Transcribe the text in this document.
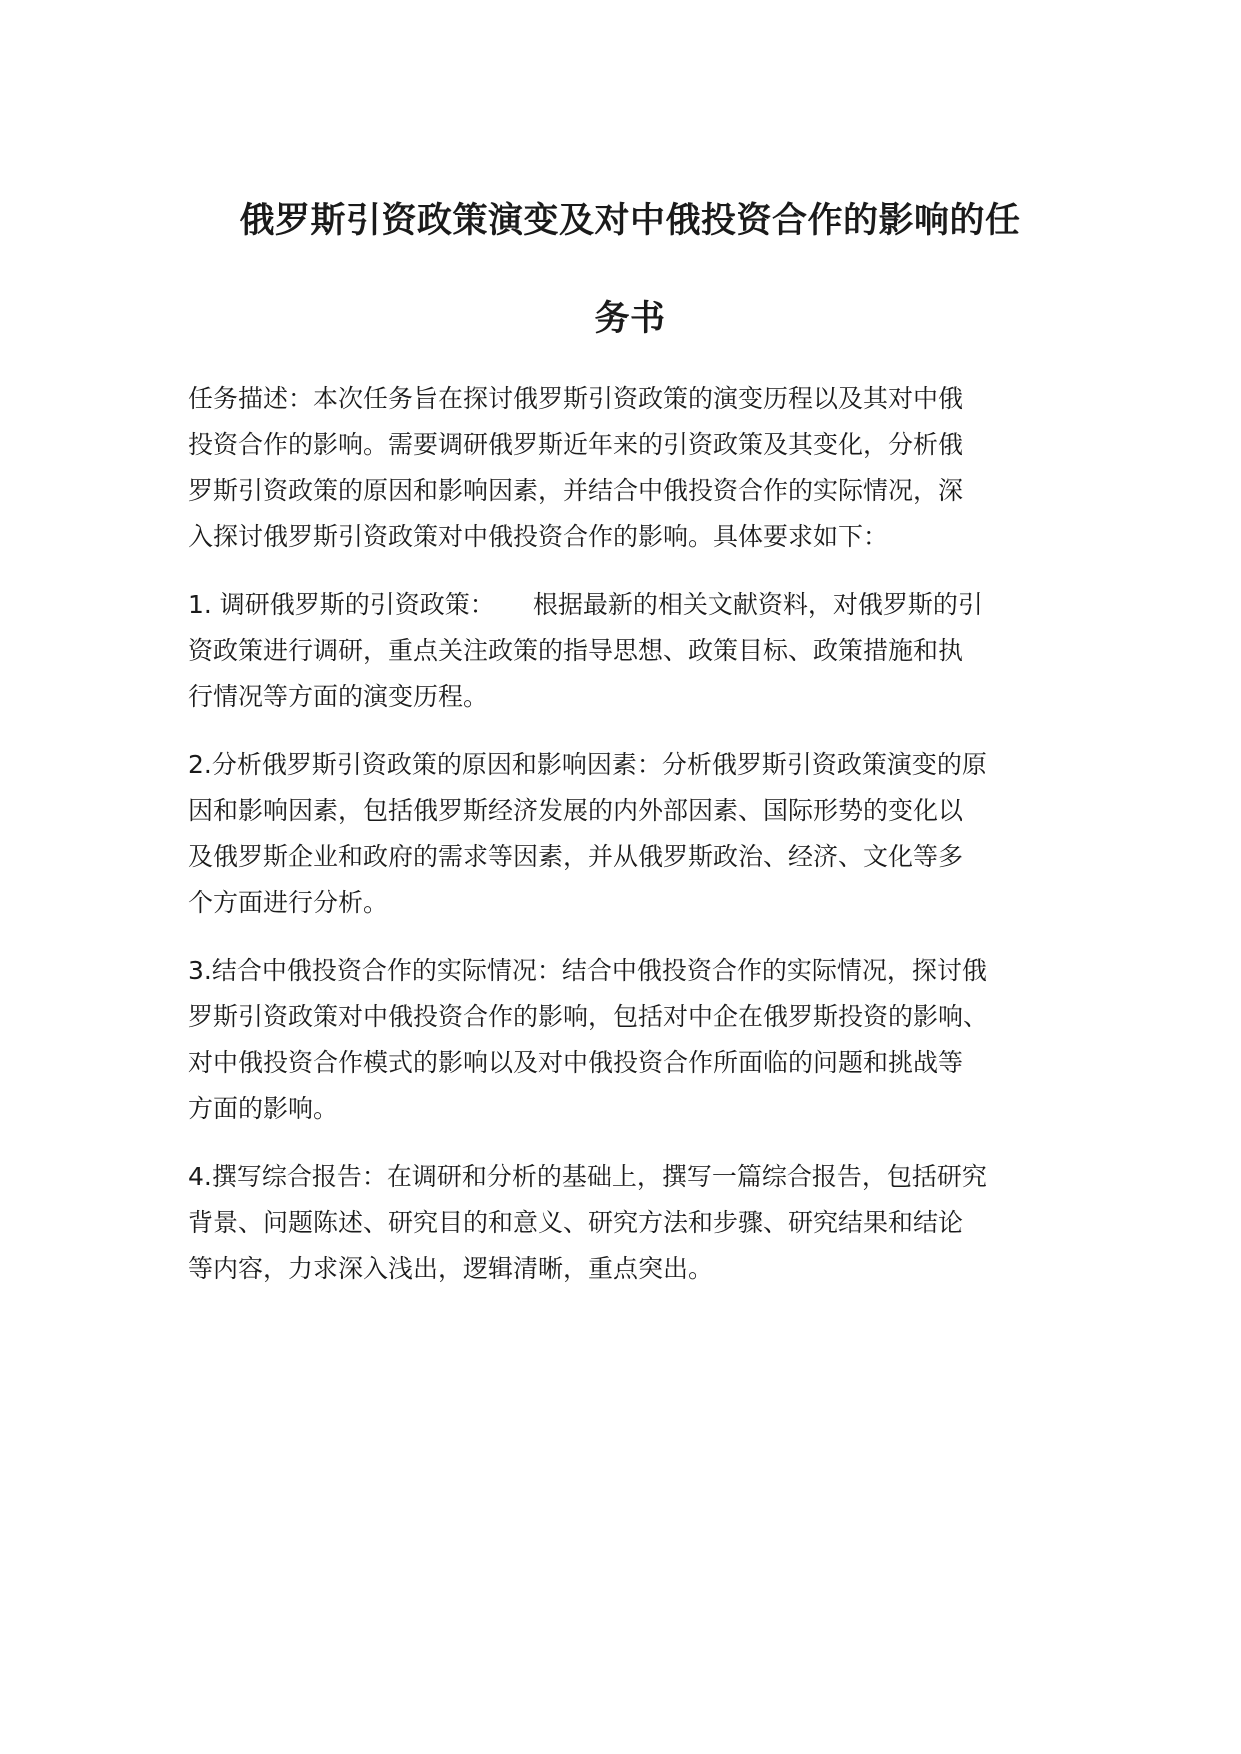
俄罗斯引资政策演变及对中俄投资合作的影响的任
务书

任务描述：本次任务旨在探讨俄罗斯引资政策的演变历程以及其对中俄
投资合作的影响。需要调研俄罗斯近年来的引资政策及其变化，分析俄
罗斯引资政策的原因和影响因素，并结合中俄投资合作的实际情况，深
入探讨俄罗斯引资政策对中俄投资合作的影响。具体要求如下：

1. 调研俄罗斯的引资政策： 根据最新的相关文献资料，对俄罗斯的引
资政策进行调研，重点关注政策的指导思想、政策目标、政策措施和执
行情况等方面的演变历程。

2.分析俄罗斯引资政策的原因和影响因素：分析俄罗斯引资政策演变的原
因和影响因素，包括俄罗斯经济发展的内外部因素、国际形势的变化以
及俄罗斯企业和政府的需求等因素，并从俄罗斯政治、经济、文化等多
个方面进行分析。

3.结合中俄投资合作的实际情况：结合中俄投资合作的实际情况，探讨俄
罗斯引资政策对中俄投资合作的影响，包括对中企在俄罗斯投资的影响、
对中俄投资合作模式的影响以及对中俄投资合作所面临的问题和挑战等
方面的影响。

4.撰写综合报告：在调研和分析的基础上，撰写一篇综合报告，包括研究
背景、问题陈述、研究目的和意义、研究方法和步骤、研究结果和结论
等内容，力求深入浅出，逻辑清晰，重点突出。
